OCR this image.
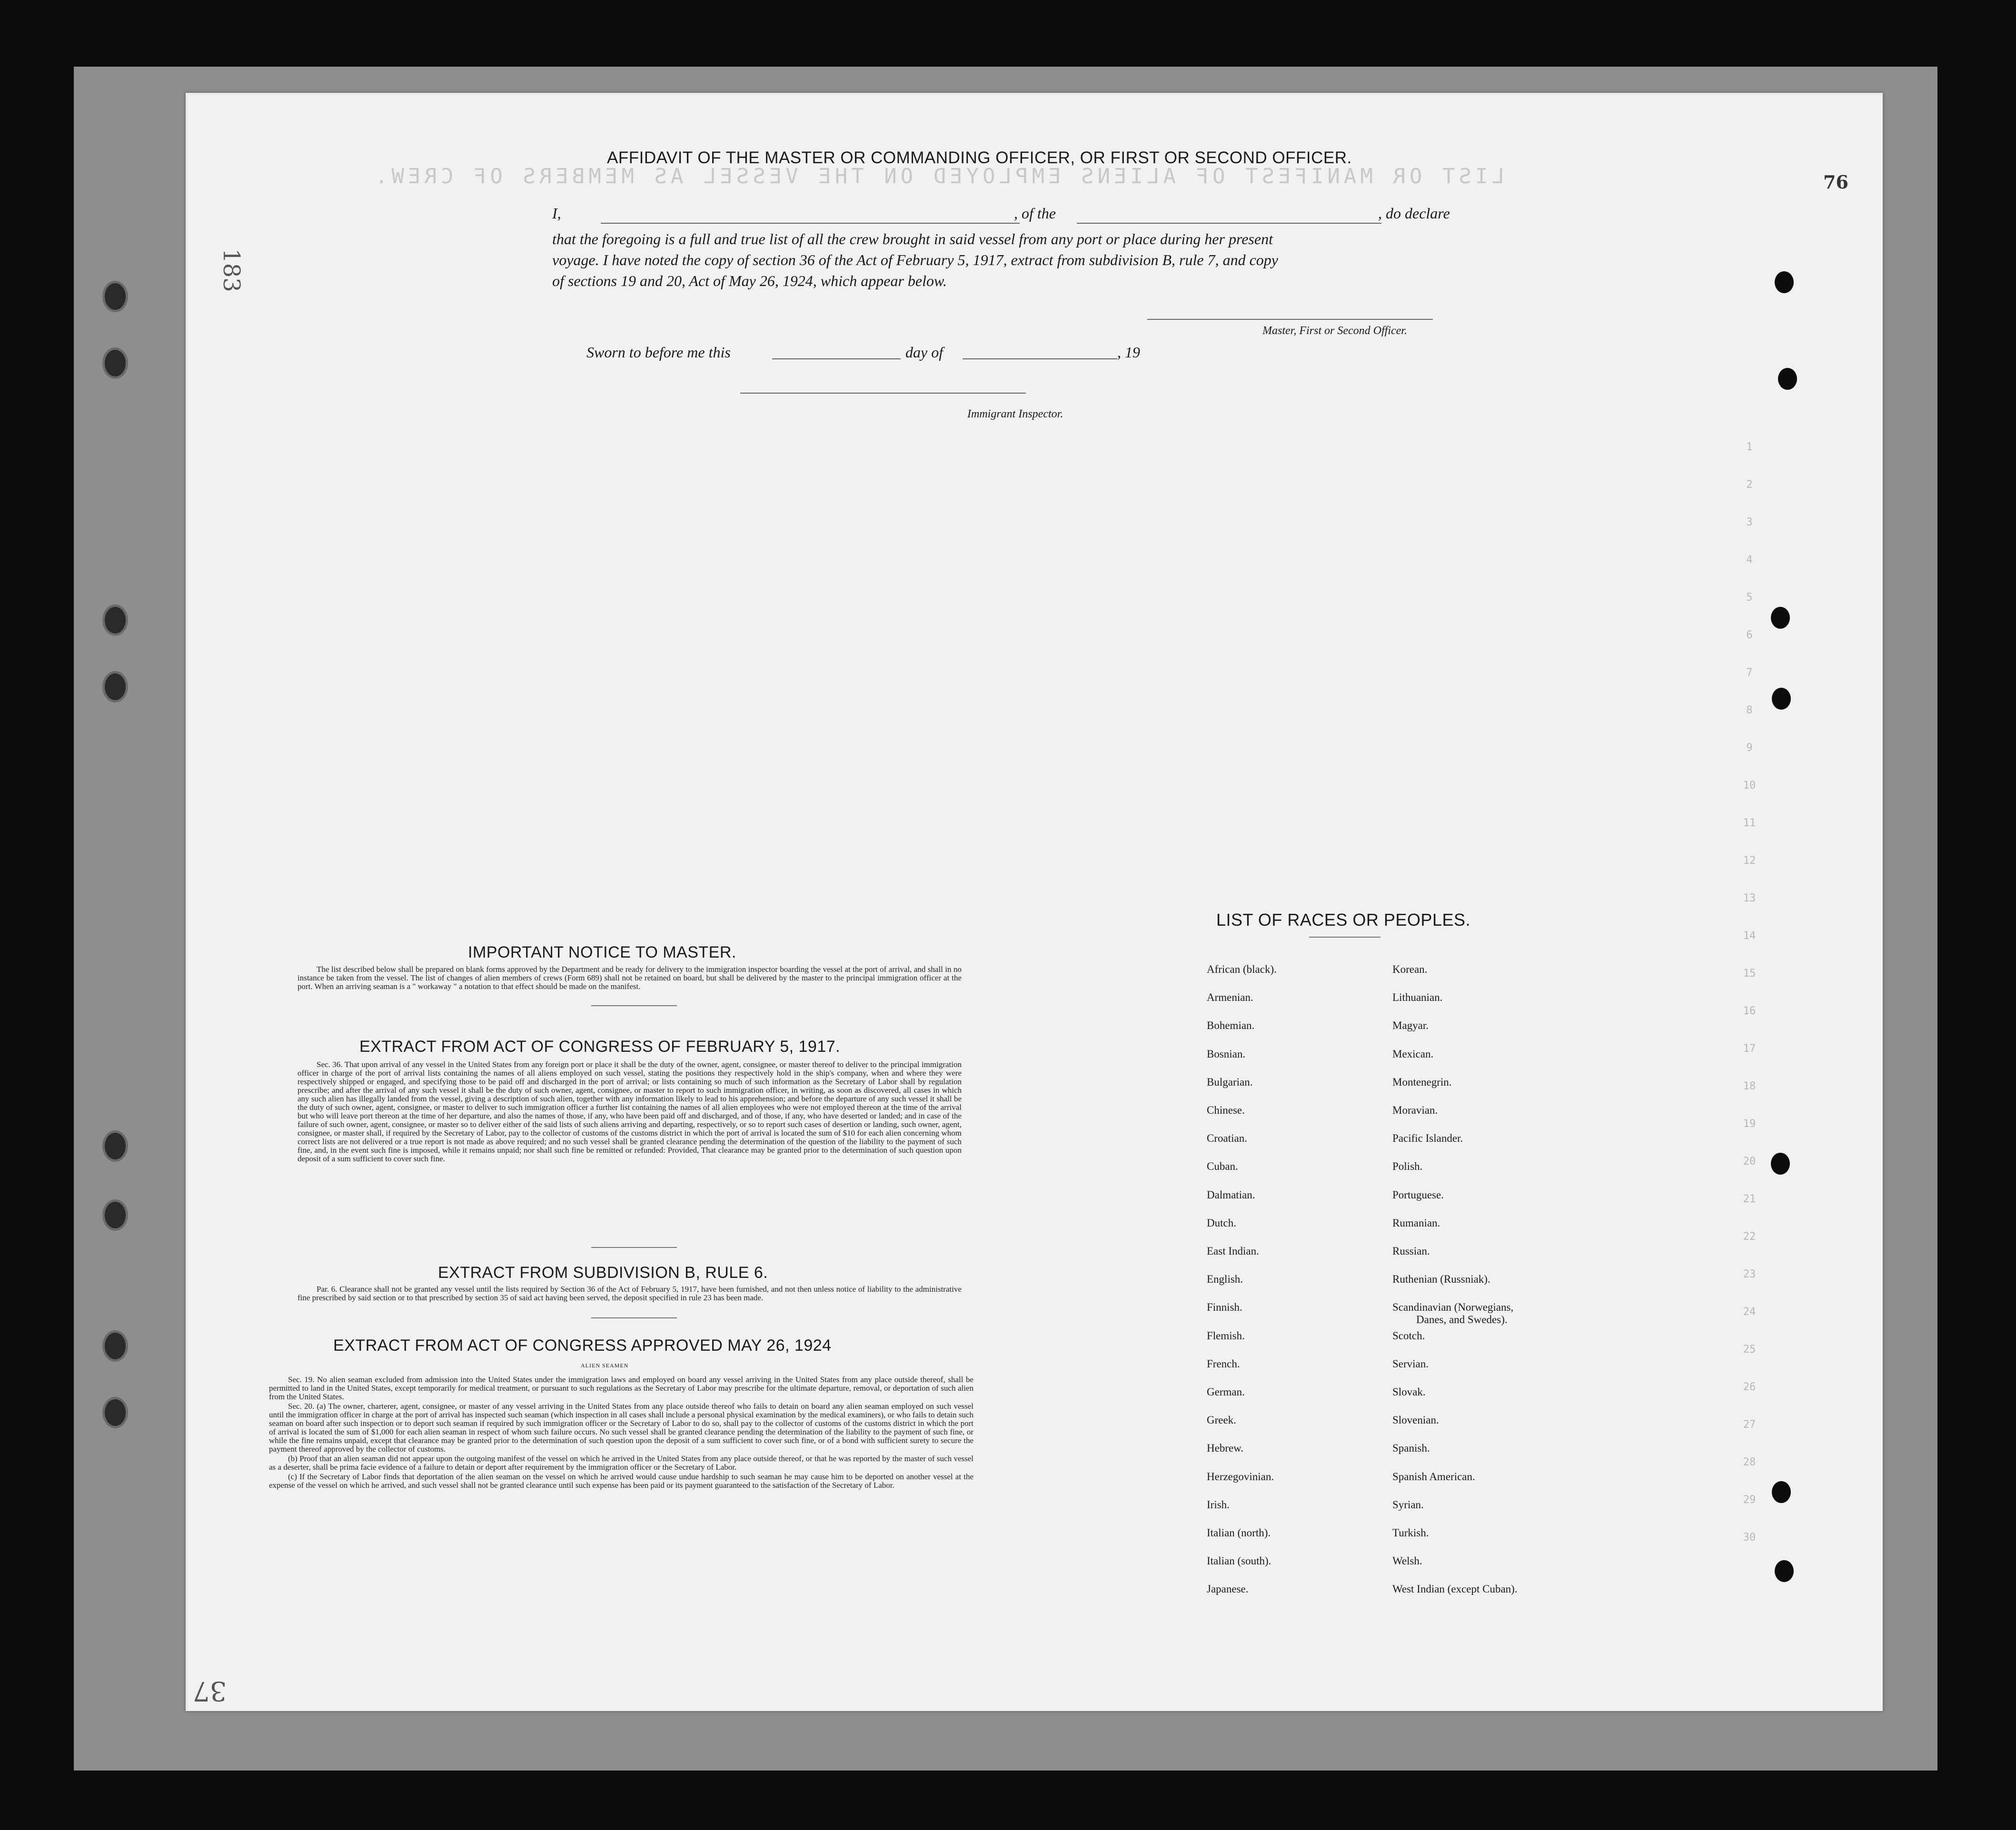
LIST OR MANIFEST OF ALIENS EMPLOYED ON THE VESSEL AS MEMBERS OF CREW.
1
2
3
4
5
6
7
8
9
10
11
12
13
14
15
16
17
18
19
20
21
22
23
24
25
26
27
28
29
30
183
37
76
AFFIDAVIT OF THE MASTER OR COMMANDING OFFICER, OR FIRST OR SECOND OFFICER.
I,	, of the	, do declare
that the foregoing is a full and true list of all the crew brought in said vessel from any port or place during her present
voyage. I have noted the copy of section 36 of the Act of February 5, 1917, extract from subdivision B, rule 7, and copy
of sections 19 and 20, Act of May 26, 1924, which appear below.
Master, First or Second Officer.
Sworn to before me this	day of	, 19
Immigrant Inspector.
IMPORTANT NOTICE TO MASTER.

The list described below shall be prepared on blank forms approved by the Department and be ready for delivery to the immigration inspector boarding the vessel at the port of arrival, and shall in no instance be taken from the vessel. The list of changes of alien members of crews (Form 689) shall not be retained on board, but shall be delivered by the master to the principal immigration officer at the port. When an arriving seaman is a " workaway " a notation to that effect should be made on the manifest.

EXTRACT FROM ACT OF CONGRESS OF FEBRUARY 5, 1917.

Sec. 36. That upon arrival of any vessel in the United States from any foreign port or place it shall be the duty of the owner, agent, consignee, or master thereof to deliver to the principal immigration officer in charge of the port of arrival lists containing the names of all aliens employed on such vessel, stating the positions they respectively hold in the ship's company, when and where they were respectively shipped or engaged, and specifying those to be paid off and discharged in the port of arrival; or lists containing so much of such information as the Secretary of Labor shall by regulation prescribe; and after the arrival of any such vessel it shall be the duty of such owner, agent, consignee, or master to report to such immigration officer, in writing, as soon as discovered, all cases in which any such alien has illegally landed from the vessel, giving a description of such alien, together with any information likely to lead to his apprehension; and before the departure of any such vessel it shall be the duty of such owner, agent, consignee, or master to deliver to such immigration officer a further list containing the names of all alien employees who were not employed thereon at the time of the arrival but who will leave port thereon at the time of her departure, and also the names of those, if any, who have been paid off and discharged, and of those, if any, who have deserted or landed; and in case of the failure of such owner, agent, consignee, or master so to deliver either of the said lists of such aliens arriving and departing, respectively, or so to report such cases of desertion or landing, such owner, agent, consignee, or master shall, if required by the Secretary of Labor, pay to the collector of customs of the customs district in which the port of arrival is located the sum of $10 for each alien concerning whom correct lists are not delivered or a true report is not made as above required; and no such vessel shall be granted clearance pending the determination of the question of the liability to the payment of such fine, and, in the event such fine is imposed, while it remains unpaid; nor shall such fine be remitted or refunded: Provided, That clearance may be granted prior to the determination of such question upon deposit of a sum sufficient to cover such fine.

EXTRACT FROM SUBDIVISION B, RULE 6.

Par. 6. Clearance shall not be granted any vessel until the lists required by Section 36 of the Act of February 5, 1917, have been furnished, and not then unless notice of liability to the administrative fine prescribed by said section or to that prescribed by section 35 of said act having been served, the deposit specified in rule 23 has been made.

EXTRACT FROM ACT OF CONGRESS APPROVED MAY 26, 1924
ALIEN SEAMEN

Sec. 19. No alien seaman excluded from admission into the United States under the immigration laws and employed on board any vessel arriving in the United States from any place outside thereof, shall be permitted to land in the United States, except temporarily for medical treatment, or pursuant to such regulations as the Secretary of Labor may prescribe for the ultimate departure, removal, or deportation of such alien from the United States.

Sec. 20. (a) The owner, charterer, agent, consignee, or master of any vessel arriving in the United States from any place outside thereof who fails to detain on board any alien seaman employed on such vessel until the immigration officer in charge at the port of arrival has inspected such seaman (which inspection in all cases shall include a personal physical examination by the medical examiners), or who fails to detain such seaman on board after such inspection or to deport such seaman if required by such immigration officer or the Secretary of Labor to do so, shall pay to the collector of customs of the customs district in which the port of arrival is located the sum of $1,000 for each alien seaman in respect of whom such failure occurs. No such vessel shall be granted clearance pending the determination of the liability to the payment of such fine, or while the fine remains unpaid, except that clearance may be granted prior to the determination of such question upon the deposit of a sum sufficient to cover such fine, or of a bond with sufficient surety to secure the payment thereof approved by the collector of customs.

(b) Proof that an alien seaman did not appear upon the outgoing manifest of the vessel on which he arrived in the United States from any place outside thereof, or that he was reported by the master of such vessel as a deserter, shall be prima facie evidence of a failure to detain or deport after requirement by the immigration officer or the Secretary of Labor.

(c) If the Secretary of Labor finds that deportation of the alien seaman on the vessel on which he arrived would cause undue hardship to such seaman he may cause him to be deported on another vessel at the expense of the vessel on which he arrived, and such vessel shall not be granted clearance until such expense has been paid or its payment guaranteed to the satisfaction of the Secretary of Labor.

LIST OF RACES OR PEOPLES.
African (black).
Armenian.
Bohemian.
Bosnian.
Bulgarian.
Chinese.
Croatian.
Cuban.
Dalmatian.
Dutch.
East Indian.
English.
Finnish.
Flemish.
French.
German.
Greek.
Hebrew.
Herzegovinian.
Irish.
Italian (north).
Italian (south).
Japanese.
Korean.
Lithuanian.
Magyar.
Mexican.
Montenegrin.
Moravian.
Pacific Islander.
Polish.
Portuguese.
Rumanian.
Russian.
Ruthenian (Russniak).
Scandinavian (Norwegians,
Danes, and Swedes).
Scotch.
Servian.
Slovak.
Slovenian.
Spanish.
Spanish American.
Syrian.
Turkish.
Welsh.
West Indian (except Cuban).
